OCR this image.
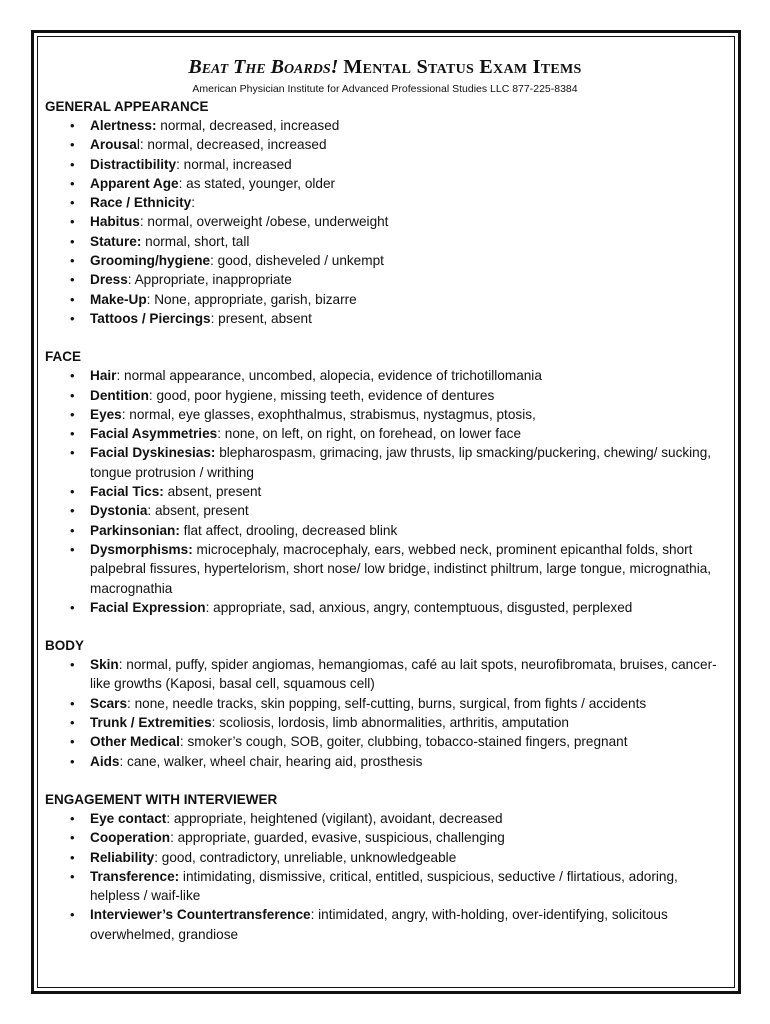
Beat The Boards! Mental Status Exam Items
American Physician Institute for Advanced Professional Studies LLC 877-225-8384
GENERAL APPEARANCE
• Alertness: normal, decreased, increased
• Arousal: normal, decreased, increased
• Distractibility: normal, increased
• Apparent Age: as stated, younger, older
• Race / Ethnicity:
• Habitus: normal, overweight /obese, underweight
• Stature: normal, short, tall
• Grooming/hygiene: good, disheveled / unkempt
• Dress: Appropriate, inappropriate
• Make-Up: None, appropriate, garish, bizarre
• Tattoos / Piercings: present, absent
FACE
• Hair: normal appearance, uncombed, alopecia, evidence of trichotillomania
• Dentition: good, poor hygiene, missing teeth, evidence of dentures
• Eyes: normal, eye glasses, exophthalmus, strabismus, nystagmus, ptosis,
• Facial Asymmetries: none, on left, on right, on forehead, on lower face
• Facial Dyskinesias: blepharospasm, grimacing, jaw thrusts, lip smacking/puckering, chewing/ sucking, tongue protrusion / writhing
• Facial Tics: absent, present
• Dystonia: absent, present
• Parkinsonian: flat affect, drooling, decreased blink
• Dysmorphisms: microcephaly, macrocephaly, ears, webbed neck, prominent epicanthal folds, short palpebral fissures, hypertelorism, short nose/ low bridge, indistinct philtrum, large tongue, micrognathia, macrognathia
• Facial Expression: appropriate, sad, anxious, angry, contemptuous, disgusted, perplexed
BODY
• Skin: normal, puffy, spider angiomas, hemangiomas, café au lait spots, neurofibromata, bruises, cancer-like growths (Kaposi, basal cell, squamous cell)
• Scars: none, needle tracks, skin popping, self-cutting, burns, surgical, from fights / accidents
• Trunk / Extremities: scoliosis, lordosis, limb abnormalities, arthritis, amputation
• Other Medical: smoker’s cough, SOB, goiter, clubbing, tobacco-stained fingers, pregnant
• Aids: cane, walker, wheel chair, hearing aid, prosthesis
ENGAGEMENT WITH INTERVIEWER
• Eye contact: appropriate, heightened (vigilant), avoidant, decreased
• Cooperation: appropriate, guarded, evasive, suspicious, challenging
• Reliability: good, contradictory, unreliable, unknowledgeable
• Transference: intimidating, dismissive, critical, entitled, suspicious, seductive / flirtatious, adoring, helpless / waif-like
• Interviewer’s Countertransference: intimidated, angry, with-holding, over-identifying, solicitous overwhelmed, grandiose
